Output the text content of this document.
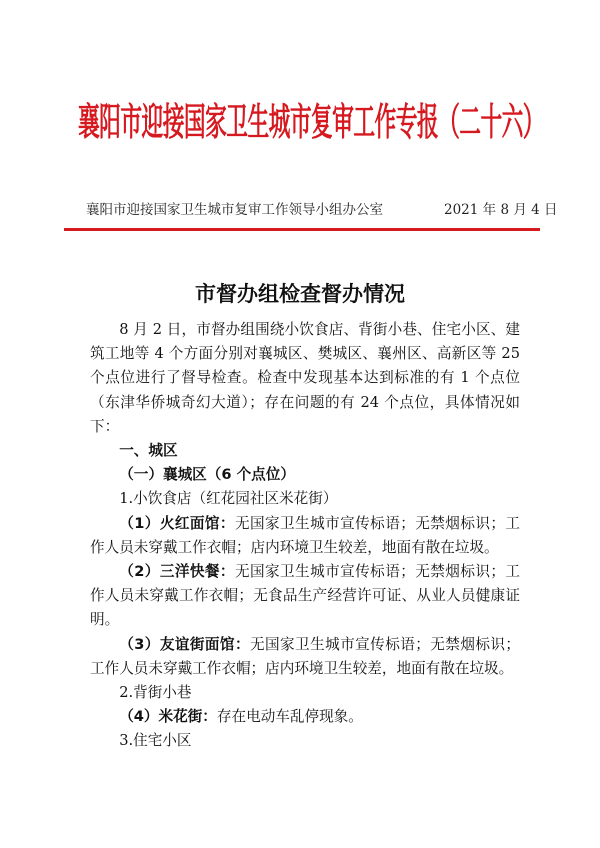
襄阳市迎接国家卫生城市复审工作专报（二十六）
襄阳市迎接国家卫生城市复审工作领导小组办公室	2021 年 8 月 4 日
市督办组检查督办情况

8 月 2 日，市督办组围绕小饮食店、背街小巷、住宅小区、建筑工地等 4 个方面分别对襄城区、樊城区、襄州区、高新区等 25 个点位进行了督导检查。检查中发现基本达到标准的有 1 个点位（东津华侨城奇幻大道）；存在问题的有 24 个点位，具体情况如下：

一、城区

（一）襄城区（6 个点位）

1.小饮食店（红花园社区米花街）

（1）火红面馆：无国家卫生城市宣传标语；无禁烟标识；工作人员未穿戴工作衣帽；店内环境卫生较差，地面有散在垃圾。

（2）三洋快餐：无国家卫生城市宣传标语；无禁烟标识；工作人员未穿戴工作衣帽；无食品生产经营许可证、从业人员健康证明。

（3）友谊街面馆：无国家卫生城市宣传标语；无禁烟标识；工作人员未穿戴工作衣帽；店内环境卫生较差，地面有散在垃圾。

2.背街小巷

（4）米花街：存在电动车乱停现象。

3.住宅小区
